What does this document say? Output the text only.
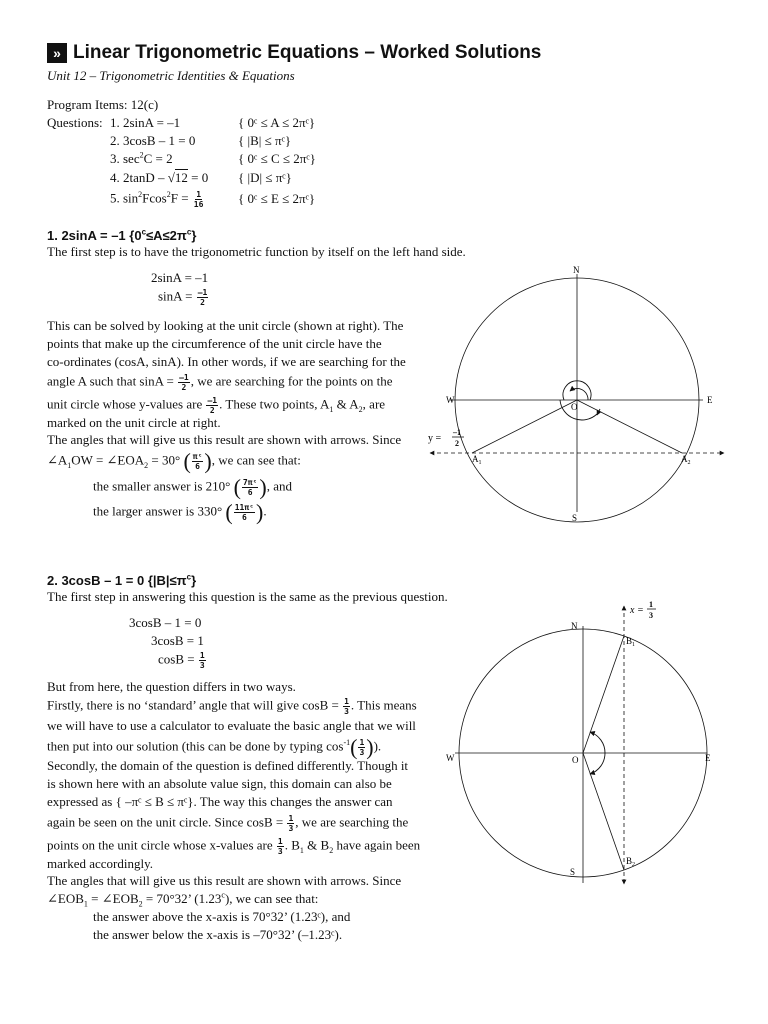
» Linear Trigonometric Equations – Worked Solutions
Unit 12 – Trigonometric Identities & Equations
Program Items: 12(c)
Questions: 1. 2sinA = –1	{ 0ᶜ ≤ A ≤ 2πᶜ}
2. 3cosB – 1 = 0	{ |B| ≤ πᶜ}
3. $\sec^2C = 2$	{ 0ᶜ ≤ C ≤ 2πᶜ}
4. 2tanD – √12 = 0 { |D| ≤ πᶜ}
5. $\sin^2Fcos^2F = \frac{1}{16}$	{ 0ᶜ ≤ E ≤ 2πᶜ}
1. 2sinA = –1 $\{0^c\le A\le 2\pi^c\}$
The first step is to have the trigonometric function by itself on the left hand side.
2sinA = –1
$\sin A = \frac{-1}{2}$
This can be solved by looking at the unit circle (shown at right). The
points that make up the circumference of the unit circle have the
co-ordinates (cosA, sinA). In other words, if we are searching for the
angle A such that $\sin A = \frac{-1}{2}$ , we are searching for the points on the
unit circle whose y-values are $\frac{-1}{2}$ . These two points, $A_1$ & $A_2$, are
marked on the unit circle at right.
The angles that will give us this result are shown with arrows. Since
$\angle A_1OW$ = $\angle EOA_2 = 30^\circ$ ( $\frac{\text{πᶜ}}{6}$ ), we can see that:
the smaller answer is 210° ( $\frac{\text{7πᶜ}}{6}$ ), and
the larger answer is 330° ( $\frac{\text{11πᶜ}}{6}$ ).
N
S
E
W
O
$A_1$	$A_2$
y =
–1
2
2. 3cosB – 1 = 0 $\{|B|\le\pi^c\}$
The first step in answering this question is the same as the previous question.
3cosB – 1 = 0
3cosB = 1
$\cos B = \frac{1}{3}$
But from here, the question differs in two ways.
Firstly, there is no ‘standard’ angle that will give $\cos B = \frac{1}{3}$ . This means
we will have to use a calculator to evaluate the basic angle that we will
then put into our solution (this can be done by typing $\cos^{-1}( \frac{1}{3}$ )).
Secondly, the domain of the question is defined differently. Though it
is shown here with an absolute value sign, this domain can also be
expressed as { –πᶜ ≤ B ≤ πᶜ}. The way this changes the answer can
again be seen on the unit circle. Since $\cos B = \frac{1}{3}$ , we are searching the
points on the unit circle whose x-values are $\frac{1}{3}$ . $B_1$ & $B_2$ have again been
marked accordingly.
The angles that will give us this result are shown with arrows. Since
$\angle EOB_1$ = $\angle EOB_2 = 70^\circ 32$’ (1.23$^c$), we can see that:
the answer above the x-axis is 70°32’ (1.23ᶜ), and
the answer below the x-axis is –70°32’ (–1.23ᶜ).
N
S
E
W	O
$B_1$
$B_2$
x =
1
3
